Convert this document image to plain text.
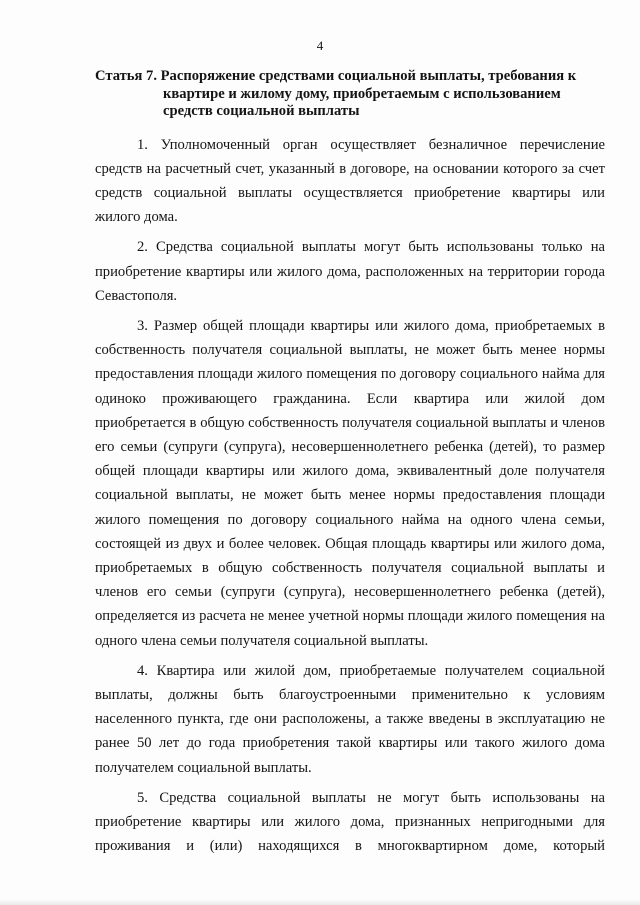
4
Статья 7. Распоряжение средствами социальной выплаты, требования к квартире и жилому дому, приобретаемым с использованием средств социальной выплаты

1. Уполномоченный орган осуществляет безналичное перечисление средств на расчетный счет, указанный в договоре, на основании которого за счет средств социальной выплаты осуществляется приобретение квартиры или жилого дома.

2. Средства социальной выплаты могут быть использованы только на приобретение квартиры или жилого дома, расположенных на территории города Севастополя.

3. Размер общей площади квартиры или жилого дома, приобретаемых в собственность получателя социальной выплаты, не может быть менее нормы предоставления площади жилого помещения по договору социального найма для одиноко проживающего гражданина. Если квартира или жилой дом приобретается в общую собственность получателя социальной выплаты и членов его семьи (супруги (супруга), несовершеннолетнего ребенка (детей), то размер общей площади квартиры или жилого дома, эквивалентный доле получателя социальной выплаты, не может быть менее нормы предоставления площади жилого помещения по договору социального найма на одного члена семьи, состоящей из двух и более человек. Общая площадь квартиры или жилого дома, приобретаемых в общую собственность получателя социальной выплаты и членов его семьи (супруги (супруга), несовершеннолетнего ребенка (детей), определяется из расчета не менее учетной нормы площади жилого помещения на одного члена семьи получателя социальной выплаты.

4. Квартира или жилой дом, приобретаемые получателем социальной выплаты, должны быть благоустроенными применительно к условиям населенного пункта, где они расположены, а также введены в эксплуатацию не ранее 50 лет до года приобретения такой квартиры или такого жилого дома получателем социальной выплаты.

5. Средства социальной выплаты не могут быть использованы на приобретение квартиры или жилого дома, признанных непригодными для проживания и (или) находящихся в многоквартирном доме, который
